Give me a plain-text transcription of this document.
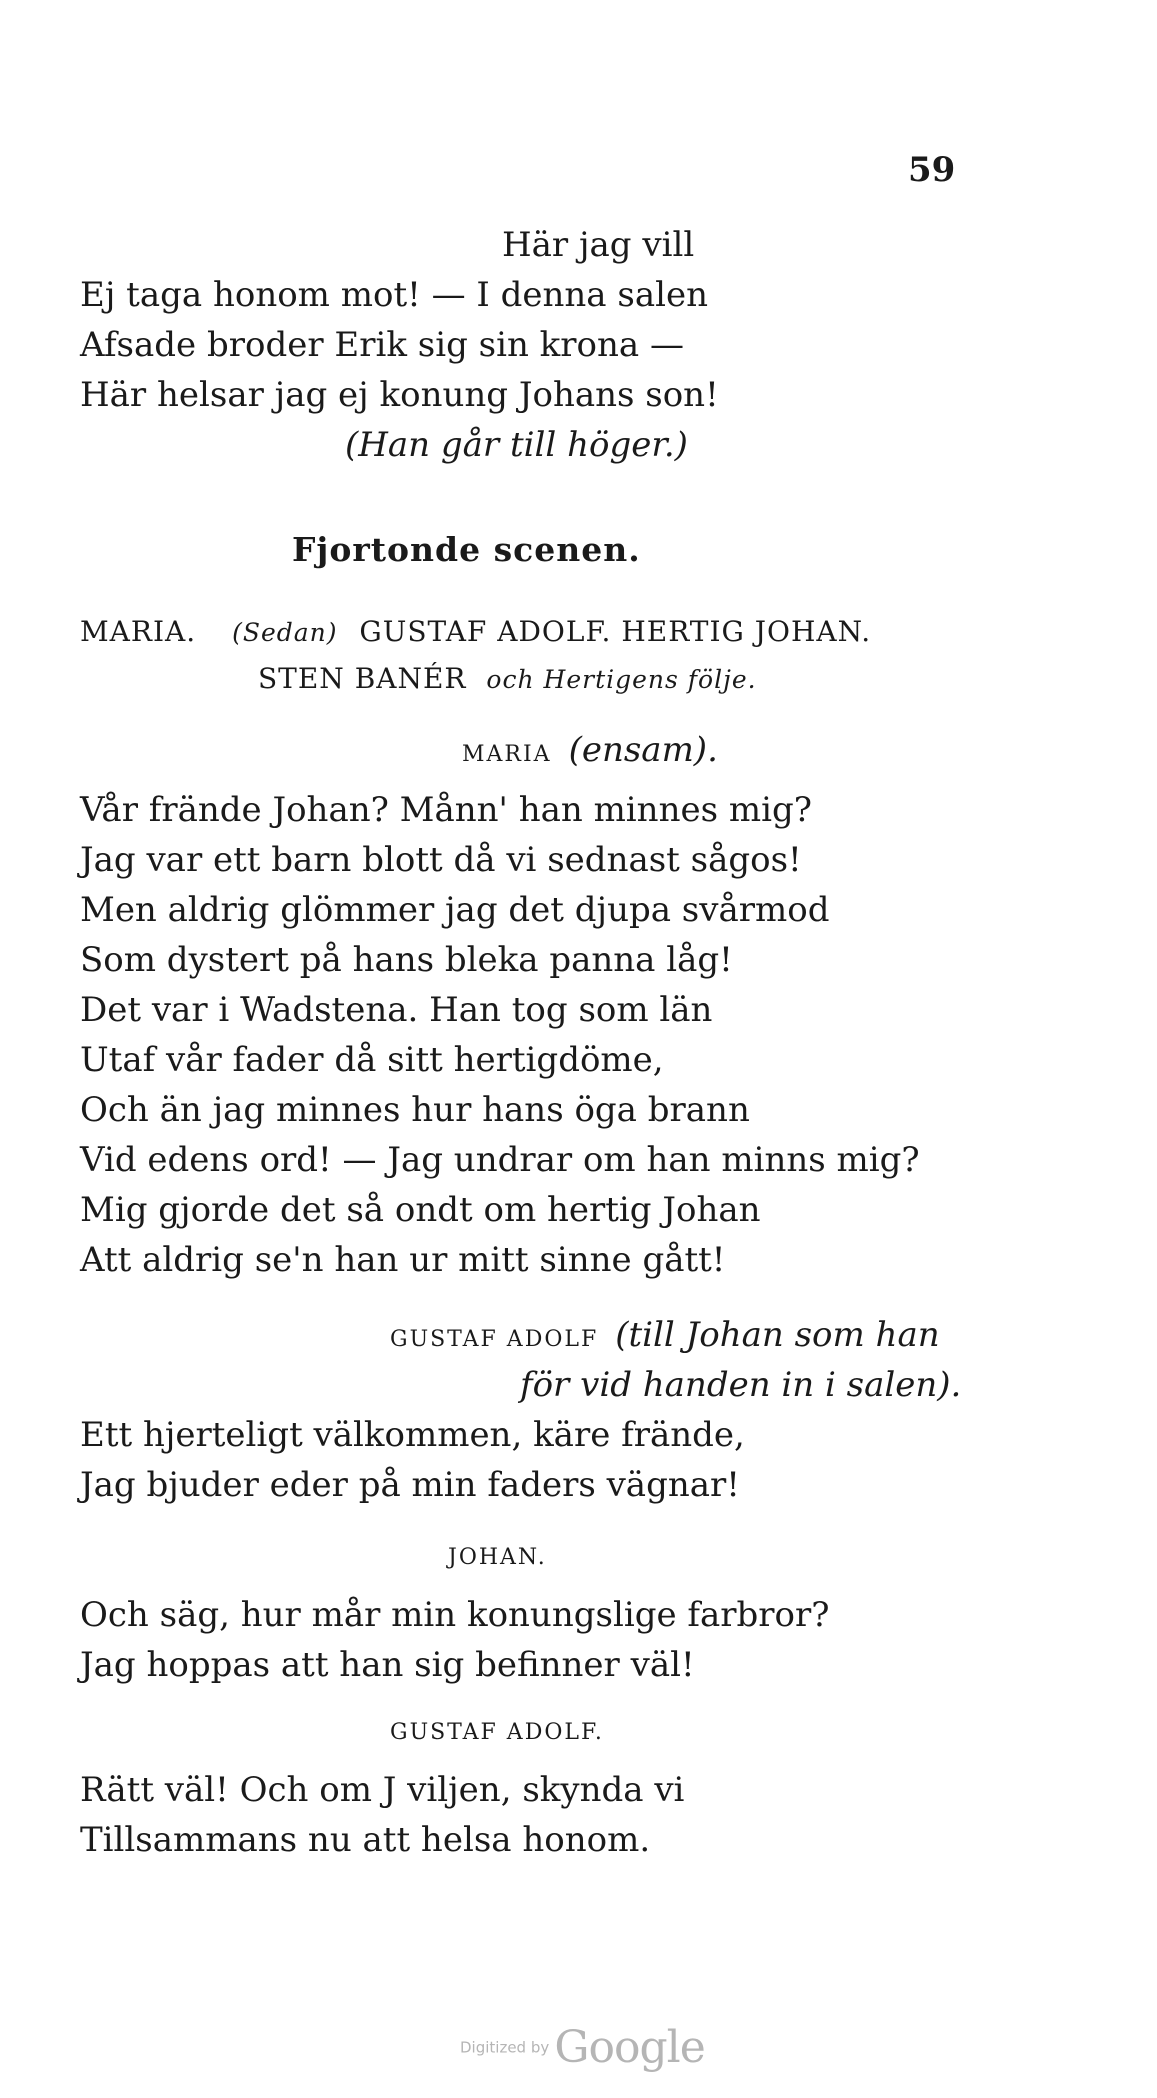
59
Här jag vill
Ej taga honom mot! — I denna salen
Afsade broder Erik sig sin krona —
Här helsar jag ej konung Johans son!
(Han går till höger.)
Fjortonde scenen.
MARIA. (Sedan) GUSTAF ADOLF. HERTIG JOHAN.
STEN BANÉR och Hertigens följe.
MARIA (ensam).
Vår frände Johan? Månn' han minnes mig?
Jag var ett barn blott då vi sednast sågos!
Men aldrig glömmer jag det djupa svårmod
Som dystert på hans bleka panna låg!
Det var i Wadstena. Han tog som län
Utaf vår fader då sitt hertigdöme,
Och än jag minnes hur hans öga brann
Vid edens ord! — Jag undrar om han minns mig?
Mig gjorde det så ondt om hertig Johan
Att aldrig se'n han ur mitt sinne gått!
GUSTAF ADOLF (till Johan som han
för vid handen in i salen).
Ett hjerteligt välkommen, käre frände,
Jag bjuder eder på min faders vägnar!
JOHAN.
Och säg, hur mår min konungslige farbror?
Jag hoppas att han sig befinner väl!
GUSTAF ADOLF.
Rätt väl! Och om J viljen, skynda vi
Tillsammans nu att helsa honom.
Digitized by Google
